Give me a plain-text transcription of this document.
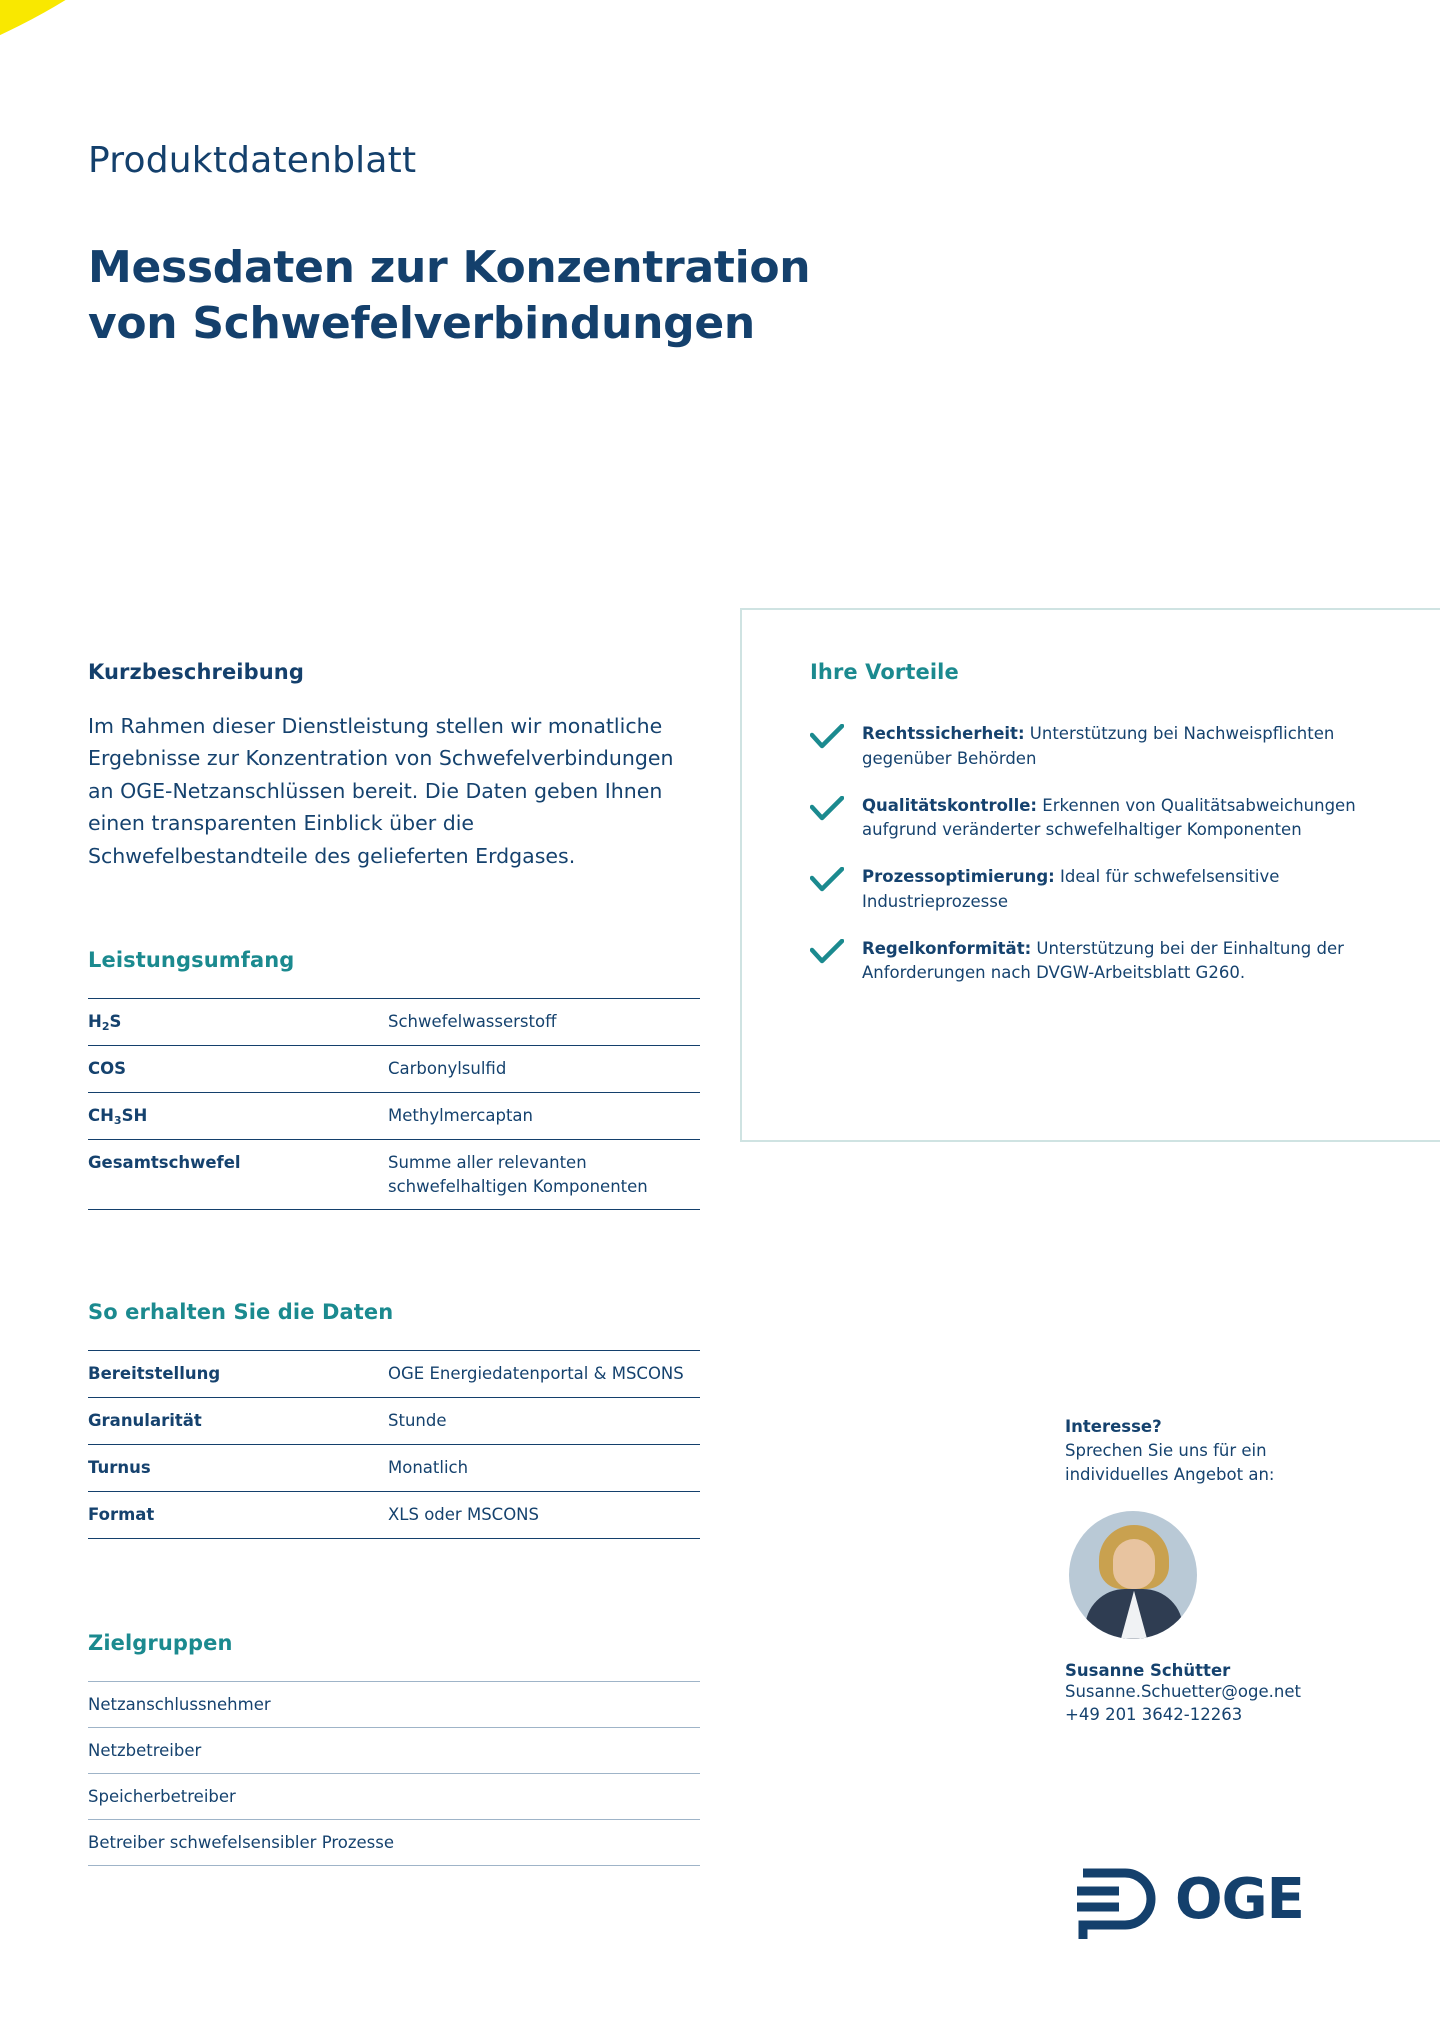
Produktdatenblatt
Messdaten zur Konzentration
von Schwefelverbindungen
Kurzbeschreibung

Im Rahmen dieser Dienstleistung stellen wir monatliche Ergebnisse zur Konzentration von Schwefelverbindungen an OGE-Netzanschlüssen bereit. Die Daten geben Ihnen einen transparenten Einblick über die Schwefelbestandteile des gelieferten Erdgases.

Leistungsumfang
$H_2S$	Schwefelwasserstoff
COS	Carbonylsulfid
$CH_3SH$	Methylmercaptan
Gesamtschwefel	Summe aller relevanten schwefelhaltigen Komponenten
So erhalten Sie die Daten
Bereitstellung	OGE Energiedatenportal & MSCONS
Granularität	Stunde
Turnus	Monatlich
Format	XLS oder MSCONS
Zielgruppen
Netzanschlussnehmer
Netzbetreiber
Speicherbetreiber
Betreiber schwefelsensibler Prozesse
Ihre Vorteile
Rechtssicherheit: Unterstützung bei Nachweispflichten gegenüber Behörden
Qualitätskontrolle: Erkennen von Qualitätsabweichungen aufgrund veränderter schwefelhaltiger Komponenten
Prozessoptimierung: Ideal für schwefelsensitive Industrieprozesse
Regelkonformität: Unterstützung bei der Einhaltung der Anforderungen nach DVGW-Arbeitsblatt G260.
Interesse?
Sprechen Sie uns für ein
individuelles Angebot an:
Susanne Schütter
Susanne.Schuetter@oge.net
+49 201 3642-12263
OGE
